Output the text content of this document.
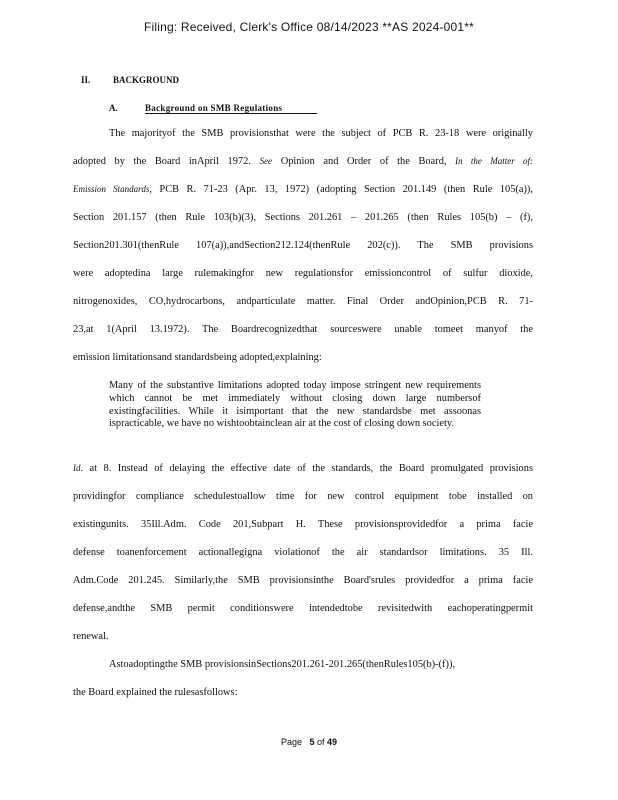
Filing: Received, Clerk's Office 08/14/2023 **AS 2024-001**
II.	BACKGROUND
A.	Background on SMB Regulations
The majorityof the SMB provisionsthat were the subject of PCB R. 23-18 were originally
adopted by the Board inApril 1972. See Opinion and Order of the Board, In the Matter of:
Emission Standards, PCB R. 71-23 (Apr. 13, 1972) (adopting Section 201.149 (then Rule 105(a)),
Section 201.157 (then Rule 103(b)(3), Sections 201.261 – 201.265 (then Rules 105(b) – (f),
Section201.301(thenRule 107(a)),andSection212.124(thenRule 202(c)). The SMB provisions
were adoptedina large rulemakingfor new regulationsfor emissioncontrol of sulfur dioxide,
nitrogenoxides, CO,hydrocarbons, andparticulate matter. Final Order andOpinion,PCB R. 71-
23,at 1(April 13.1972). The Boardrecognizedthat sourceswere unable tomeet manyof the
emission limitationsand standardsbeing adopted,explaining:
Many of the substantive limitations adopted today impose stringent new requirements which cannot be met immediately without closing down large numbersof existingfacilities. While it isimportant that the new standardsbe met assoonas ispracticable, we have no wishtoobtainclean air at the cost of closing down society.
Id. at 8. Instead of delaying the effective date of the standards, the Board promulgated provisions
providingfor compliance schedulestoallow time for new control equipment tobe installed on
existingunits. 35Ill.Adm. Code 201,Subpart H. These provisionsprovidedfor a prima facie
defense toanenforcement actionallegigna violationof the air standardsor limitations. 35 Ill.
Adm.Code 201.245. Similarly,the SMB provisionsinthe Board'srules providedfor a prima facie
defense,andthe SMB permit conditionswere intendedtobe revisitedwith eachoperatingpermit
renewal.
Astoadoptingthe SMB provisionsinSections201.261-201.265(thenRules105(b)-(f)),
the Board explained the rulesasfollows:
Page 5 of 49
